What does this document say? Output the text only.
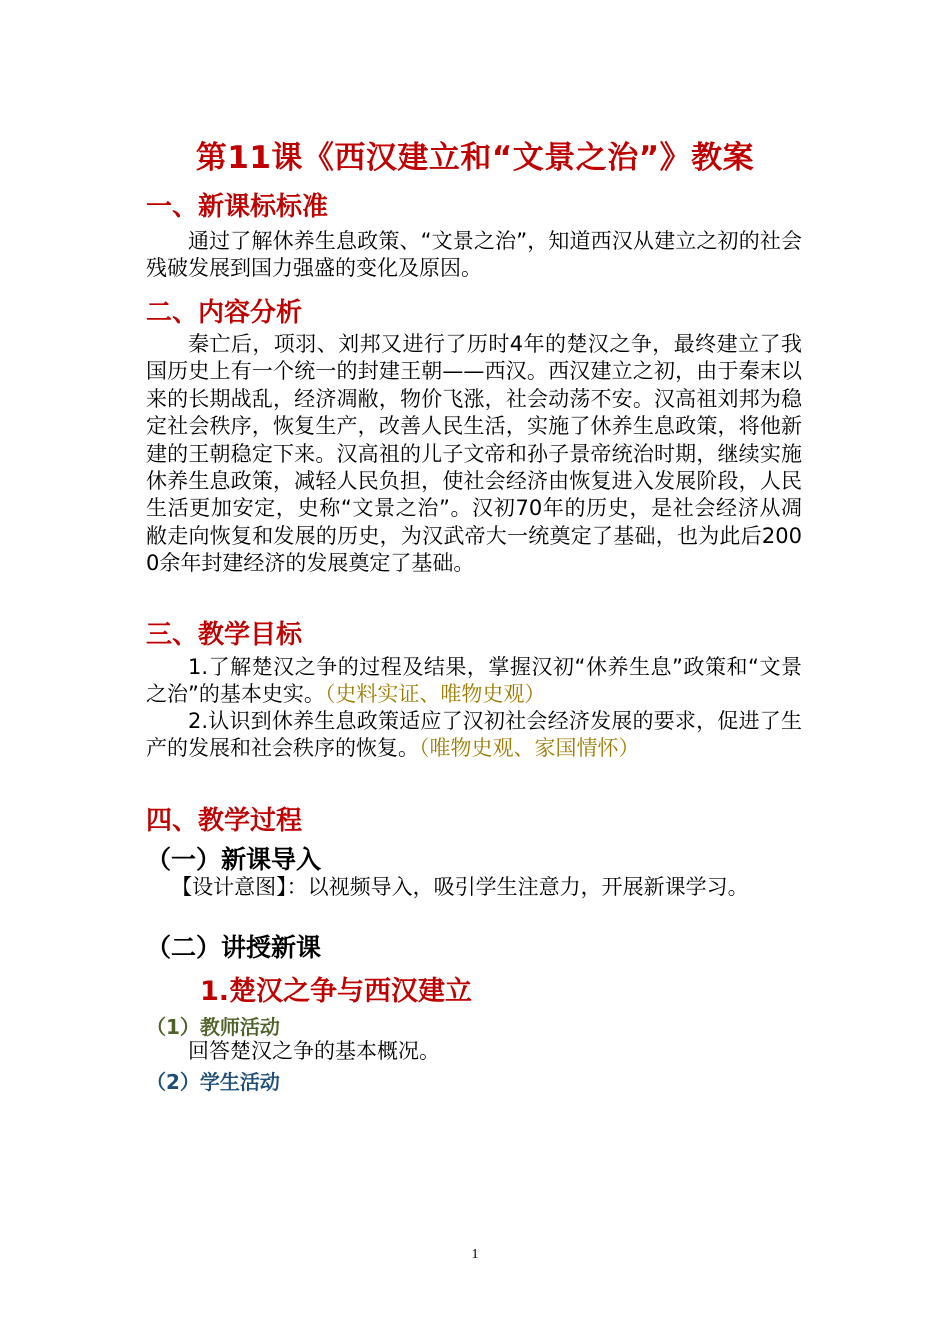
第11课《西汉建立和“文景之治”》教案
一、新课标标准
通过了解休养生息政策、“文景之治”，知道西汉从建立之初的社会残破发展到国力强盛的变化及原因。
二、内容分析
秦亡后，项羽、刘邦又进行了历时4年的楚汉之争，最终建立了我国历史上有一个统一的封建王朝——西汉。西汉建立之初，由于秦末以来的长期战乱，经济凋敝，物价飞涨，社会动荡不安。汉高祖刘邦为稳定社会秩序，恢复生产，改善人民生活，实施了休养生息政策，将他新建的王朝稳定下来。汉高祖的儿子文帝和孙子景帝统治时期，继续实施休养生息政策，减轻人民负担，使社会经济由恢复进入发展阶段，人民生活更加安定，史称“文景之治”。汉初70年的历史，是社会经济从凋敝走向恢复和发展的历史，为汉武帝大一统奠定了基础，也为此后2000余年封建经济的发展奠定了基础。
三、教学目标
1.了解楚汉之争的过程及结果，掌握汉初“休养生息”政策和“文景之治”的基本史实。（史料实证、唯物史观）
2.认识到休养生息政策适应了汉初社会经济发展的要求，促进了生产的发展和社会秩序的恢复。（唯物史观、家国情怀）
四、教学过程
（一）新课导入
【设计意图】：以视频导入，吸引学生注意力，开展新课学习。
（二）讲授新课
1.楚汉之争与西汉建立
（1）教师活动
回答楚汉之争的基本概况。
（2）学生活动
1
